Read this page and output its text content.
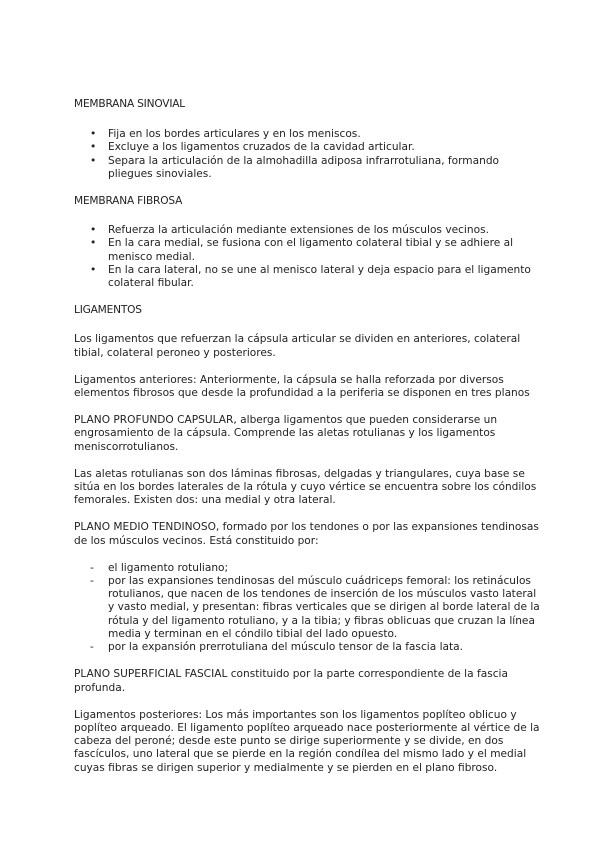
MEMBRANA SINOVIAL
• Fija en los bordes articulares y en los meniscos.
• Excluye a los ligamentos cruzados de la cavidad articular.
• Separa la articulación de la almohadilla adiposa infrarrotuliana, formando pliegues sinoviales.
MEMBRANA FIBROSA
• Refuerza la articulación mediante extensiones de los músculos vecinos.
• En la cara medial, se fusiona con el ligamento colateral tibial y se adhiere al menisco medial.
• En la cara lateral, no se une al menisco lateral y deja espacio para el ligamento colateral fibular.
LIGAMENTOS

Los ligamentos que refuerzan la cápsula articular se dividen en anteriores, colateral tibial, colateral peroneo y posteriores.

Ligamentos anteriores: Anteriormente, la cápsula se halla reforzada por diversos elementos fibrosos que desde la profundidad a la periferia se disponen en tres planos

PLANO PROFUNDO CAPSULAR, alberga ligamentos que pueden considerarse un engrosamiento de la cápsula. Comprende las aletas rotulianas y los ligamentos meniscorrotulianos.

Las aletas rotulianas son dos láminas fibrosas, delgadas y triangulares, cuya base se sitúa en los bordes laterales de la rótula y cuyo vértice se encuentra sobre los cóndilos femorales. Existen dos: una medial y otra lateral.

PLANO MEDIO TENDINOSO, formado por los tendones o por las expansiones tendinosas de los músculos vecinos. Está constituido por:

- el ligamento rotuliano;
- por las expansiones tendinosas del músculo cuádriceps femoral: los retináculos rotulianos, que nacen de los tendones de inserción de los músculos vasto lateral y vasto medial, y presentan: fibras verticales que se dirigen al borde lateral de la rótula y del ligamento rotuliano, y a la tibia; y fibras oblicuas que cruzan la línea media y terminan en el cóndilo tibial del lado opuesto.
- por la expansión prerrotuliana del músculo tensor de la fascia lata.

PLANO SUPERFICIAL FASCIAL constituido por la parte correspondiente de la fascia profunda.

Ligamentos posteriores: Los más importantes son los ligamentos poplíteo oblicuo y poplíteo arqueado. El ligamento poplíteo arqueado nace posteriormente al vértice de la cabeza del peroné; desde este punto se dirige superiormente y se divide, en dos fascículos, uno lateral que se pierde en la región condílea del mismo lado y el medial cuyas fibras se dirigen superior y medialmente y se pierden en el plano fibroso.
